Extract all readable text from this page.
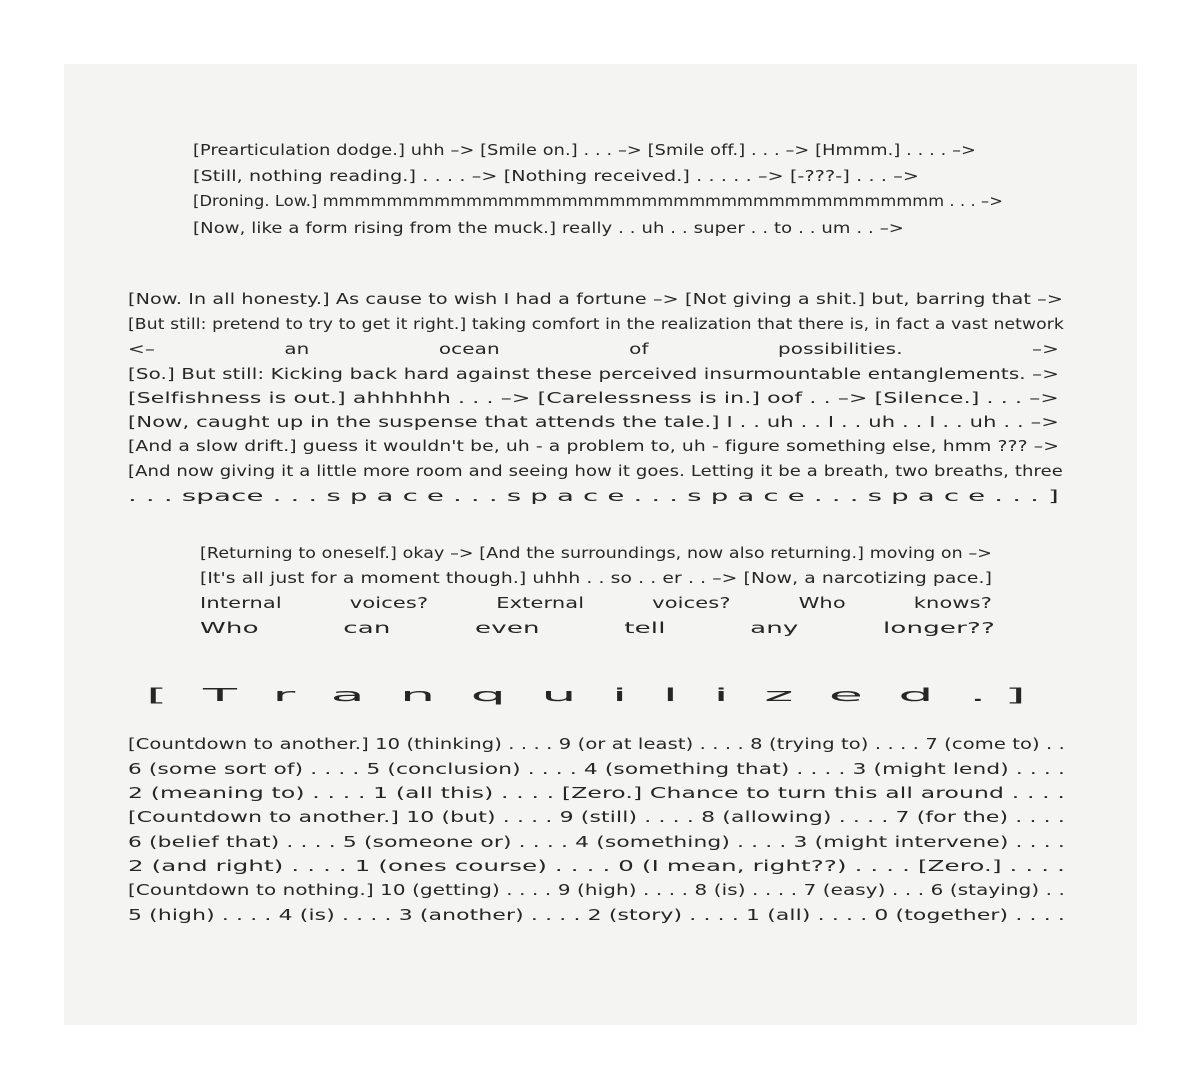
[Prearticulation dodge.] uhh –> [Smile on.] . . . –> [Smile off.] . . . –> [Hmmm.] . . . . –>
[Still, nothing reading.] . . . . –> [Nothing received.] . . . . . –> [-???-] . . . –>
[Droning. Low.] mmmmmmmmmmmmmmmmmmmmmmmmmmmmmmmmmmmmmmm . . . –>
[Now, like a form rising from the muck.] really . . uh . . super . . to . . um . . –>
[Now. In all honesty.] As cause to wish I had a fortune –> [Not giving a shit.] but, barring that –>
[But still: pretend to try to get it right.] taking comfort in the realization that there is, in fact a vast network
<–                    an                    ocean                    of                    possibilities.                    –>
[So.] But still: Kicking back hard against these perceived insurmountable entanglements. –>
[Selfishness is out.] ahhhhhh . . . –> [Carelessness is in.] oof . . –> [Silence.] . . . –>
[Now, caught up in the suspense that attends the tale.] I . . uh . . I . . uh . . I . . uh . . –>
[And a slow drift.] guess it wouldn't be, uh - a problem to, uh - figure something else, hmm ??? –>
[And now giving it a little more room and seeing how it goes. Letting it be a breath, two breaths, three
. . . space . . . s p a c e . . . s p a c e . . . s p a c e . . . s p a c e . . . ]
[Returning to oneself.] okay –> [And the surroundings, now also returning.] moving on –>
[It's all just for a moment though.] uhhh . . so . . er . . –> [Now, a narcotizing pace.]
Internal          voices?          External          voices?          Who          knows?
Who          can          even          tell          any          longer??
[  T  r  a  n  q  u  i  l  i  z  e  d  . ]
[Countdown to another.] 10 (thinking) . . . . 9 (or at least) . . . . 8 (trying to) . . . . 7 (come to) . .
6 (some sort of) . . . . 5 (conclusion) . . . . 4 (something that) . . . . 3 (might lend) . . . .
2 (meaning to) . . . . 1 (all this) . . . . [Zero.] Chance to turn this all around . . . .
[Countdown to another.] 10 (but) . . . . 9 (still) . . . . 8 (allowing) . . . . 7 (for the) . . . .
6 (belief that) . . . . 5 (someone or) . . . . 4 (something) . . . . 3 (might intervene) . . . .
2 (and right) . . . . 1 (ones course) . . . . 0 (I mean, right??) . . . . [Zero.] . . . .
[Countdown to nothing.] 10 (getting) . . . . 9 (high) . . . . 8 (is) . . . . 7 (easy) . . . 6 (staying) . .
5 (high) . . . . 4 (is) . . . . 3 (another) . . . . 2 (story) . . . . 1 (all) . . . . 0 (together) . . . .
